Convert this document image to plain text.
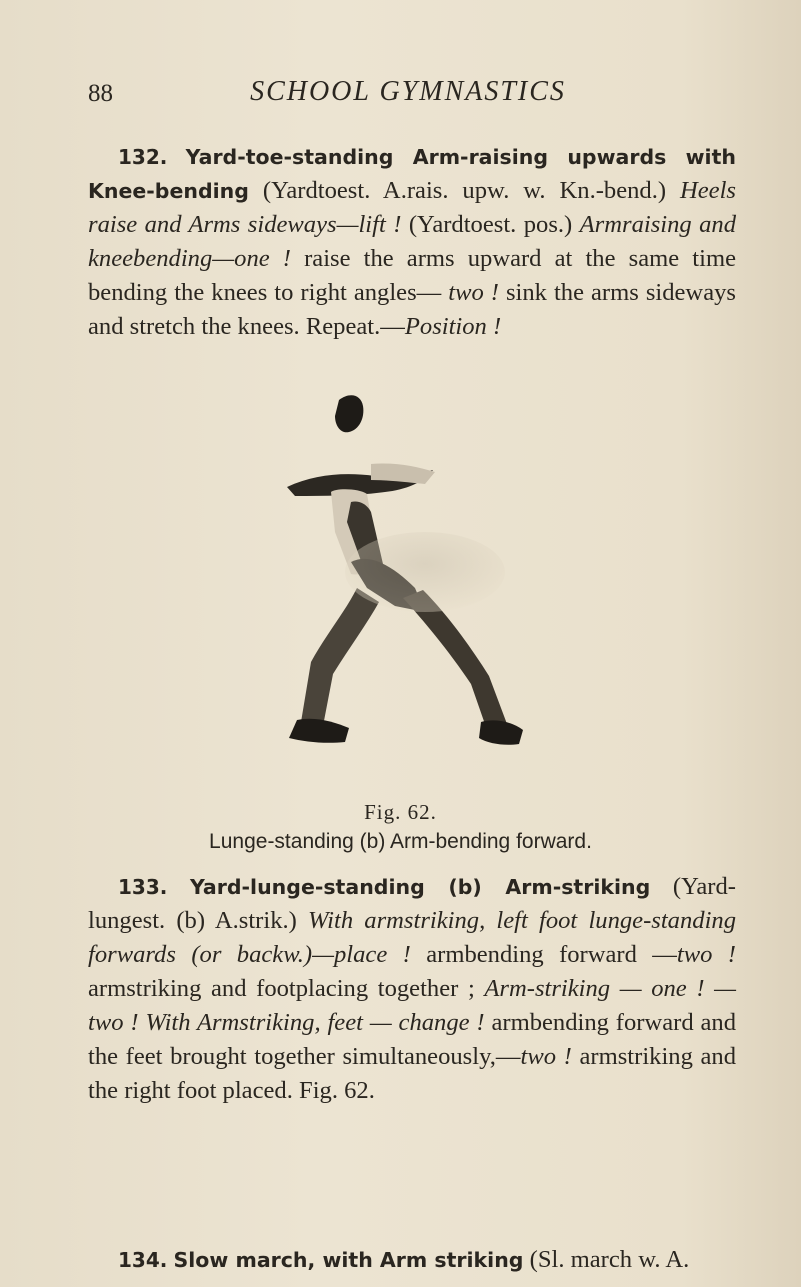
88	SCHOOL GYMNASTICS

132. Yard-toe-standing Arm-raising upwards with Knee-bending (Yardtoest. A.rais. upw. w. Kn.-bend.) Heels raise and Arms sideways—lift ! (Yardtoest. pos.) Armraising and kneebending—one ! raise the arms upward at the same time bending the knees to right angles— two ! sink the arms sideways and stretch the knees. Repeat.—Position !

Fig. 62.
Lunge-standing (b) Arm-bending forward.

133. Yard-lunge-standing (b) Arm-striking (Yard-lungest. (b) A.strik.) With armstriking, left foot lunge-standing forwards (or backw.)—place ! armbending forward —two ! armstriking and footplacing together ; Arm-striking — one ! — two ! With Armstriking, feet — change ! armbending forward and the feet brought together simultaneously,—two ! armstriking and the right foot placed. Fig. 62.

134. Slow march, with Arm striking (Sl. march w. A.
